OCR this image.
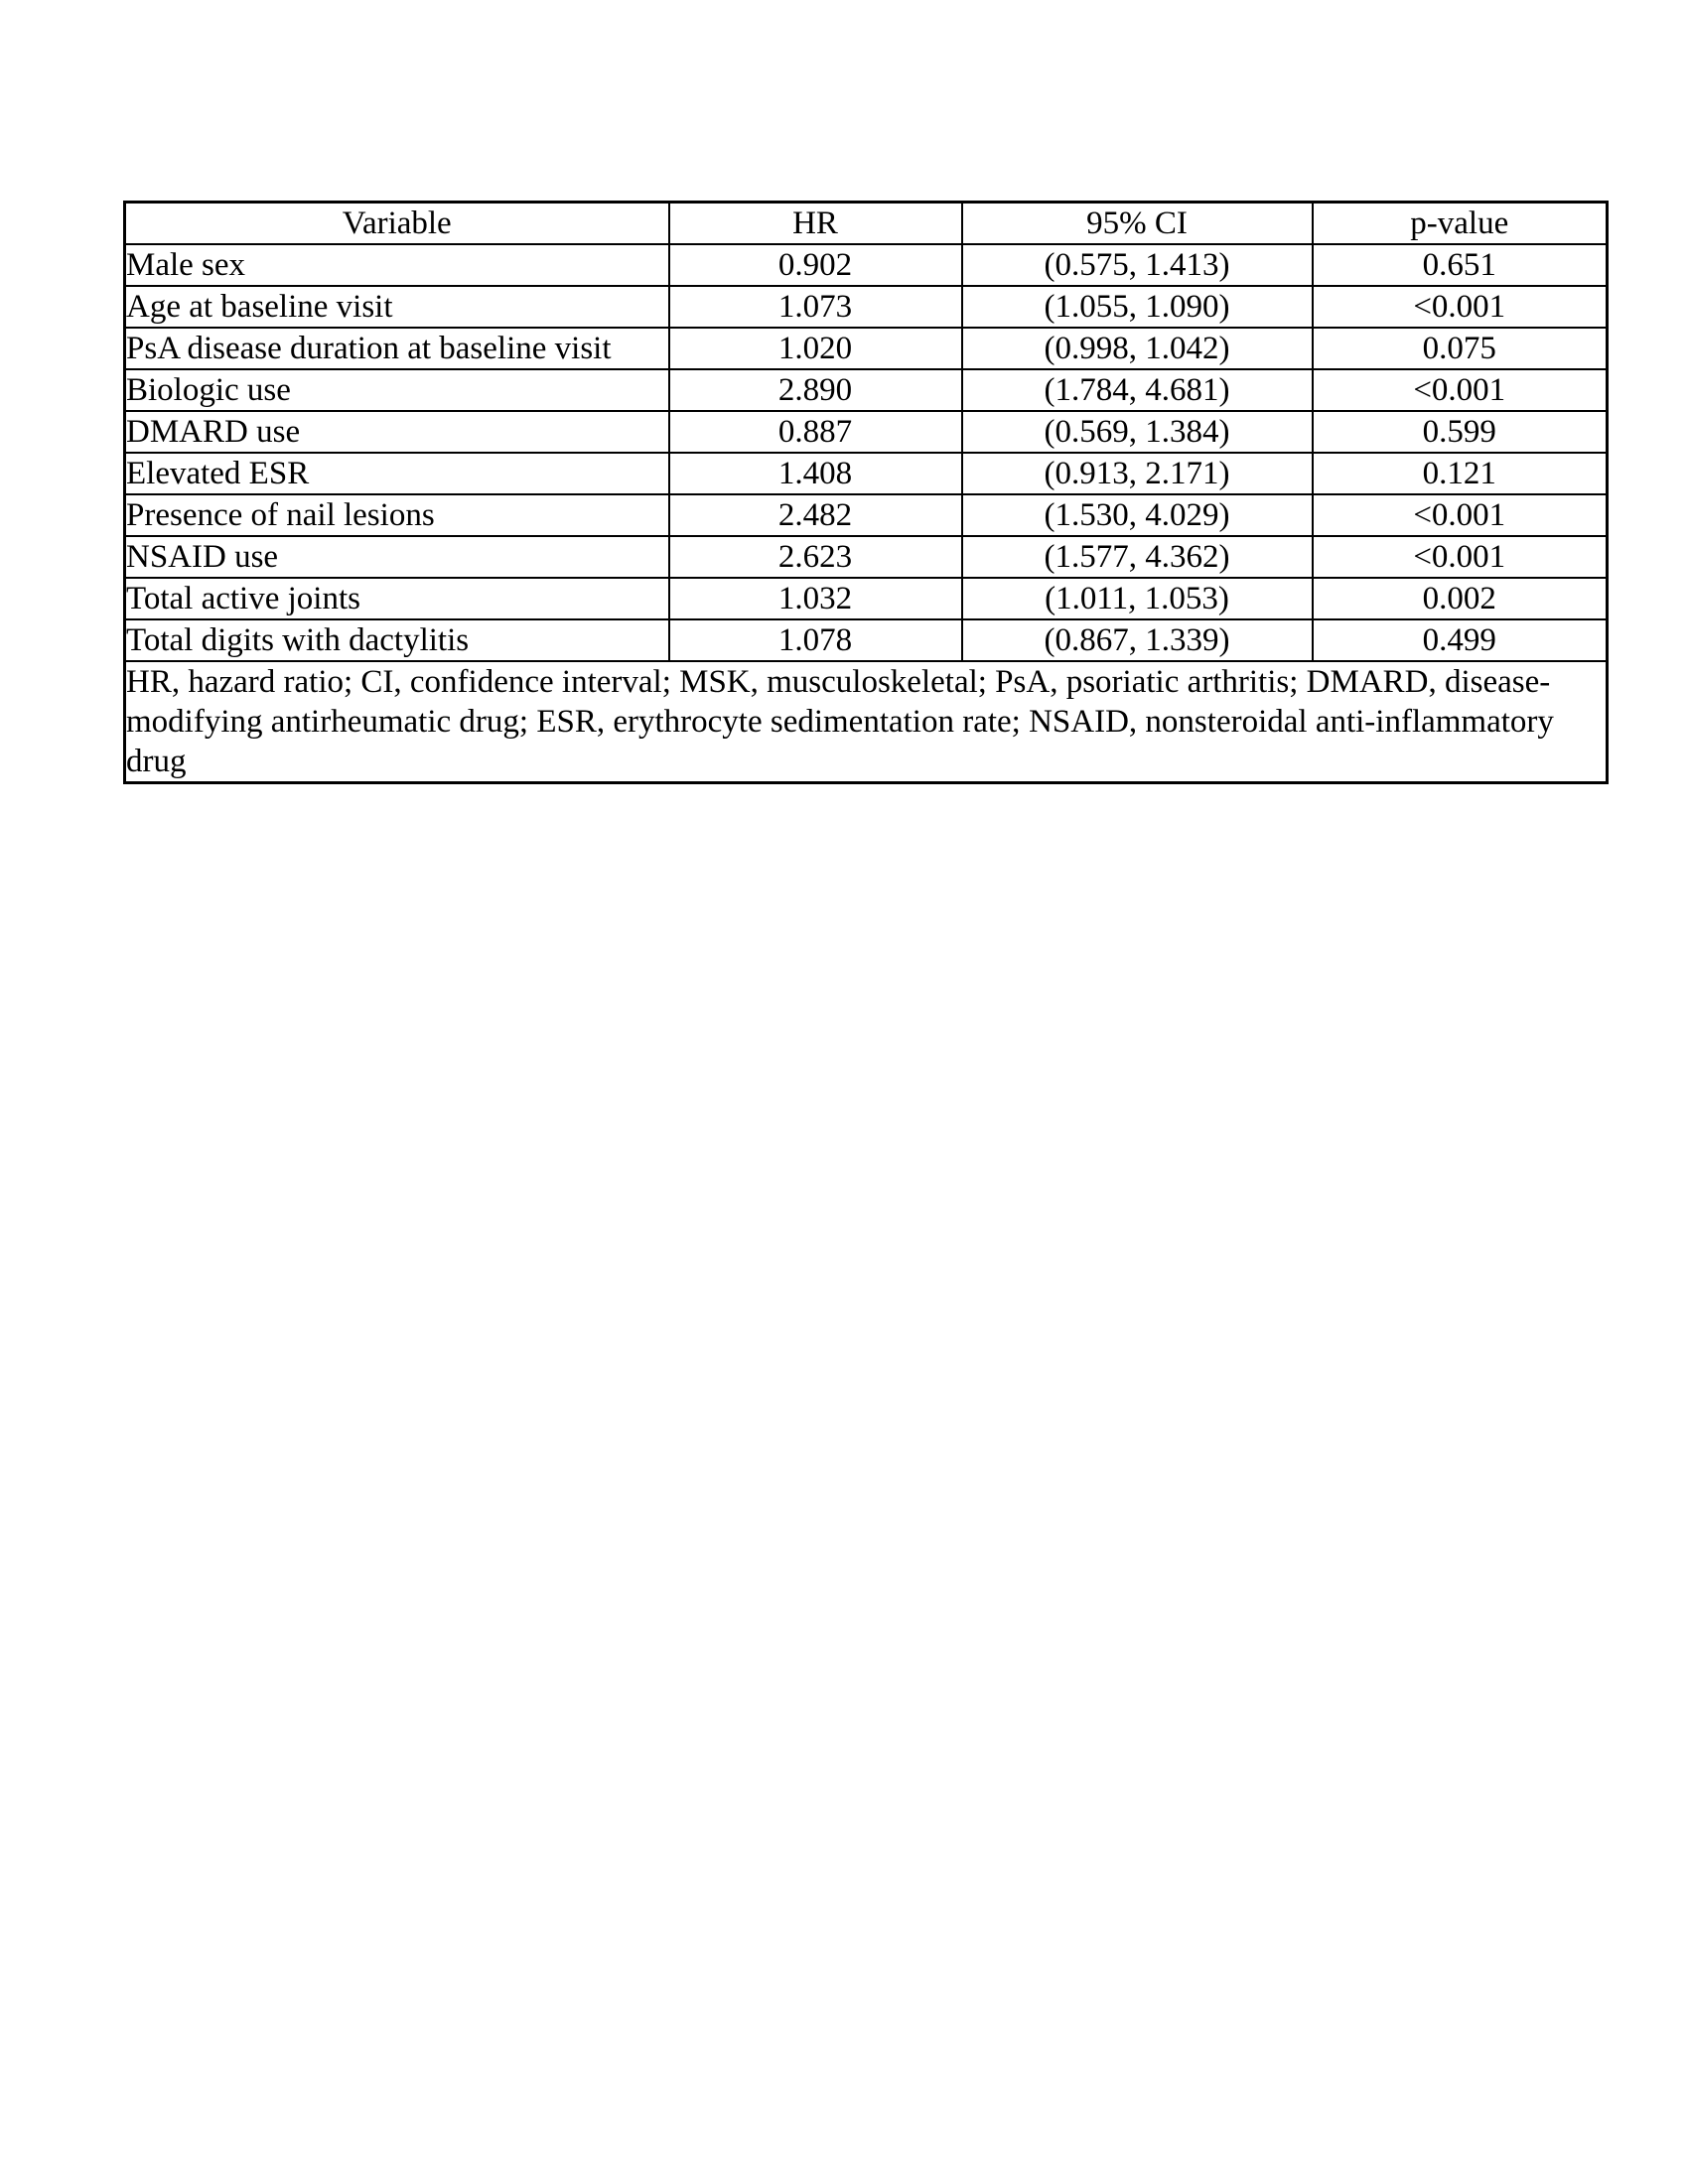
Variable	HR	95% CI	p-value
Male sex	0.902	(0.575, 1.413)	0.651
Age at baseline visit	1.073	(1.055, 1.090)	<0.001
PsA disease duration at baseline visit	1.020	(0.998, 1.042)	0.075
Biologic use	2.890	(1.784, 4.681)	<0.001
DMARD use	0.887	(0.569, 1.384)	0.599
Elevated ESR	1.408	(0.913, 2.171)	0.121
Presence of nail lesions	2.482	(1.530, 4.029)	<0.001
NSAID use	2.623	(1.577, 4.362)	<0.001
Total active joints	1.032	(1.011, 1.053)	0.002
Total digits with dactylitis	1.078	(0.867, 1.339)	0.499

HR, hazard ratio; CI, confidence interval; MSK, musculoskeletal; PsA, psoriatic arthritis; DMARD, disease-
modifying antirheumatic drug; ESR, erythrocyte sedimentation rate; NSAID, nonsteroidal anti-inflammatory
drug			
